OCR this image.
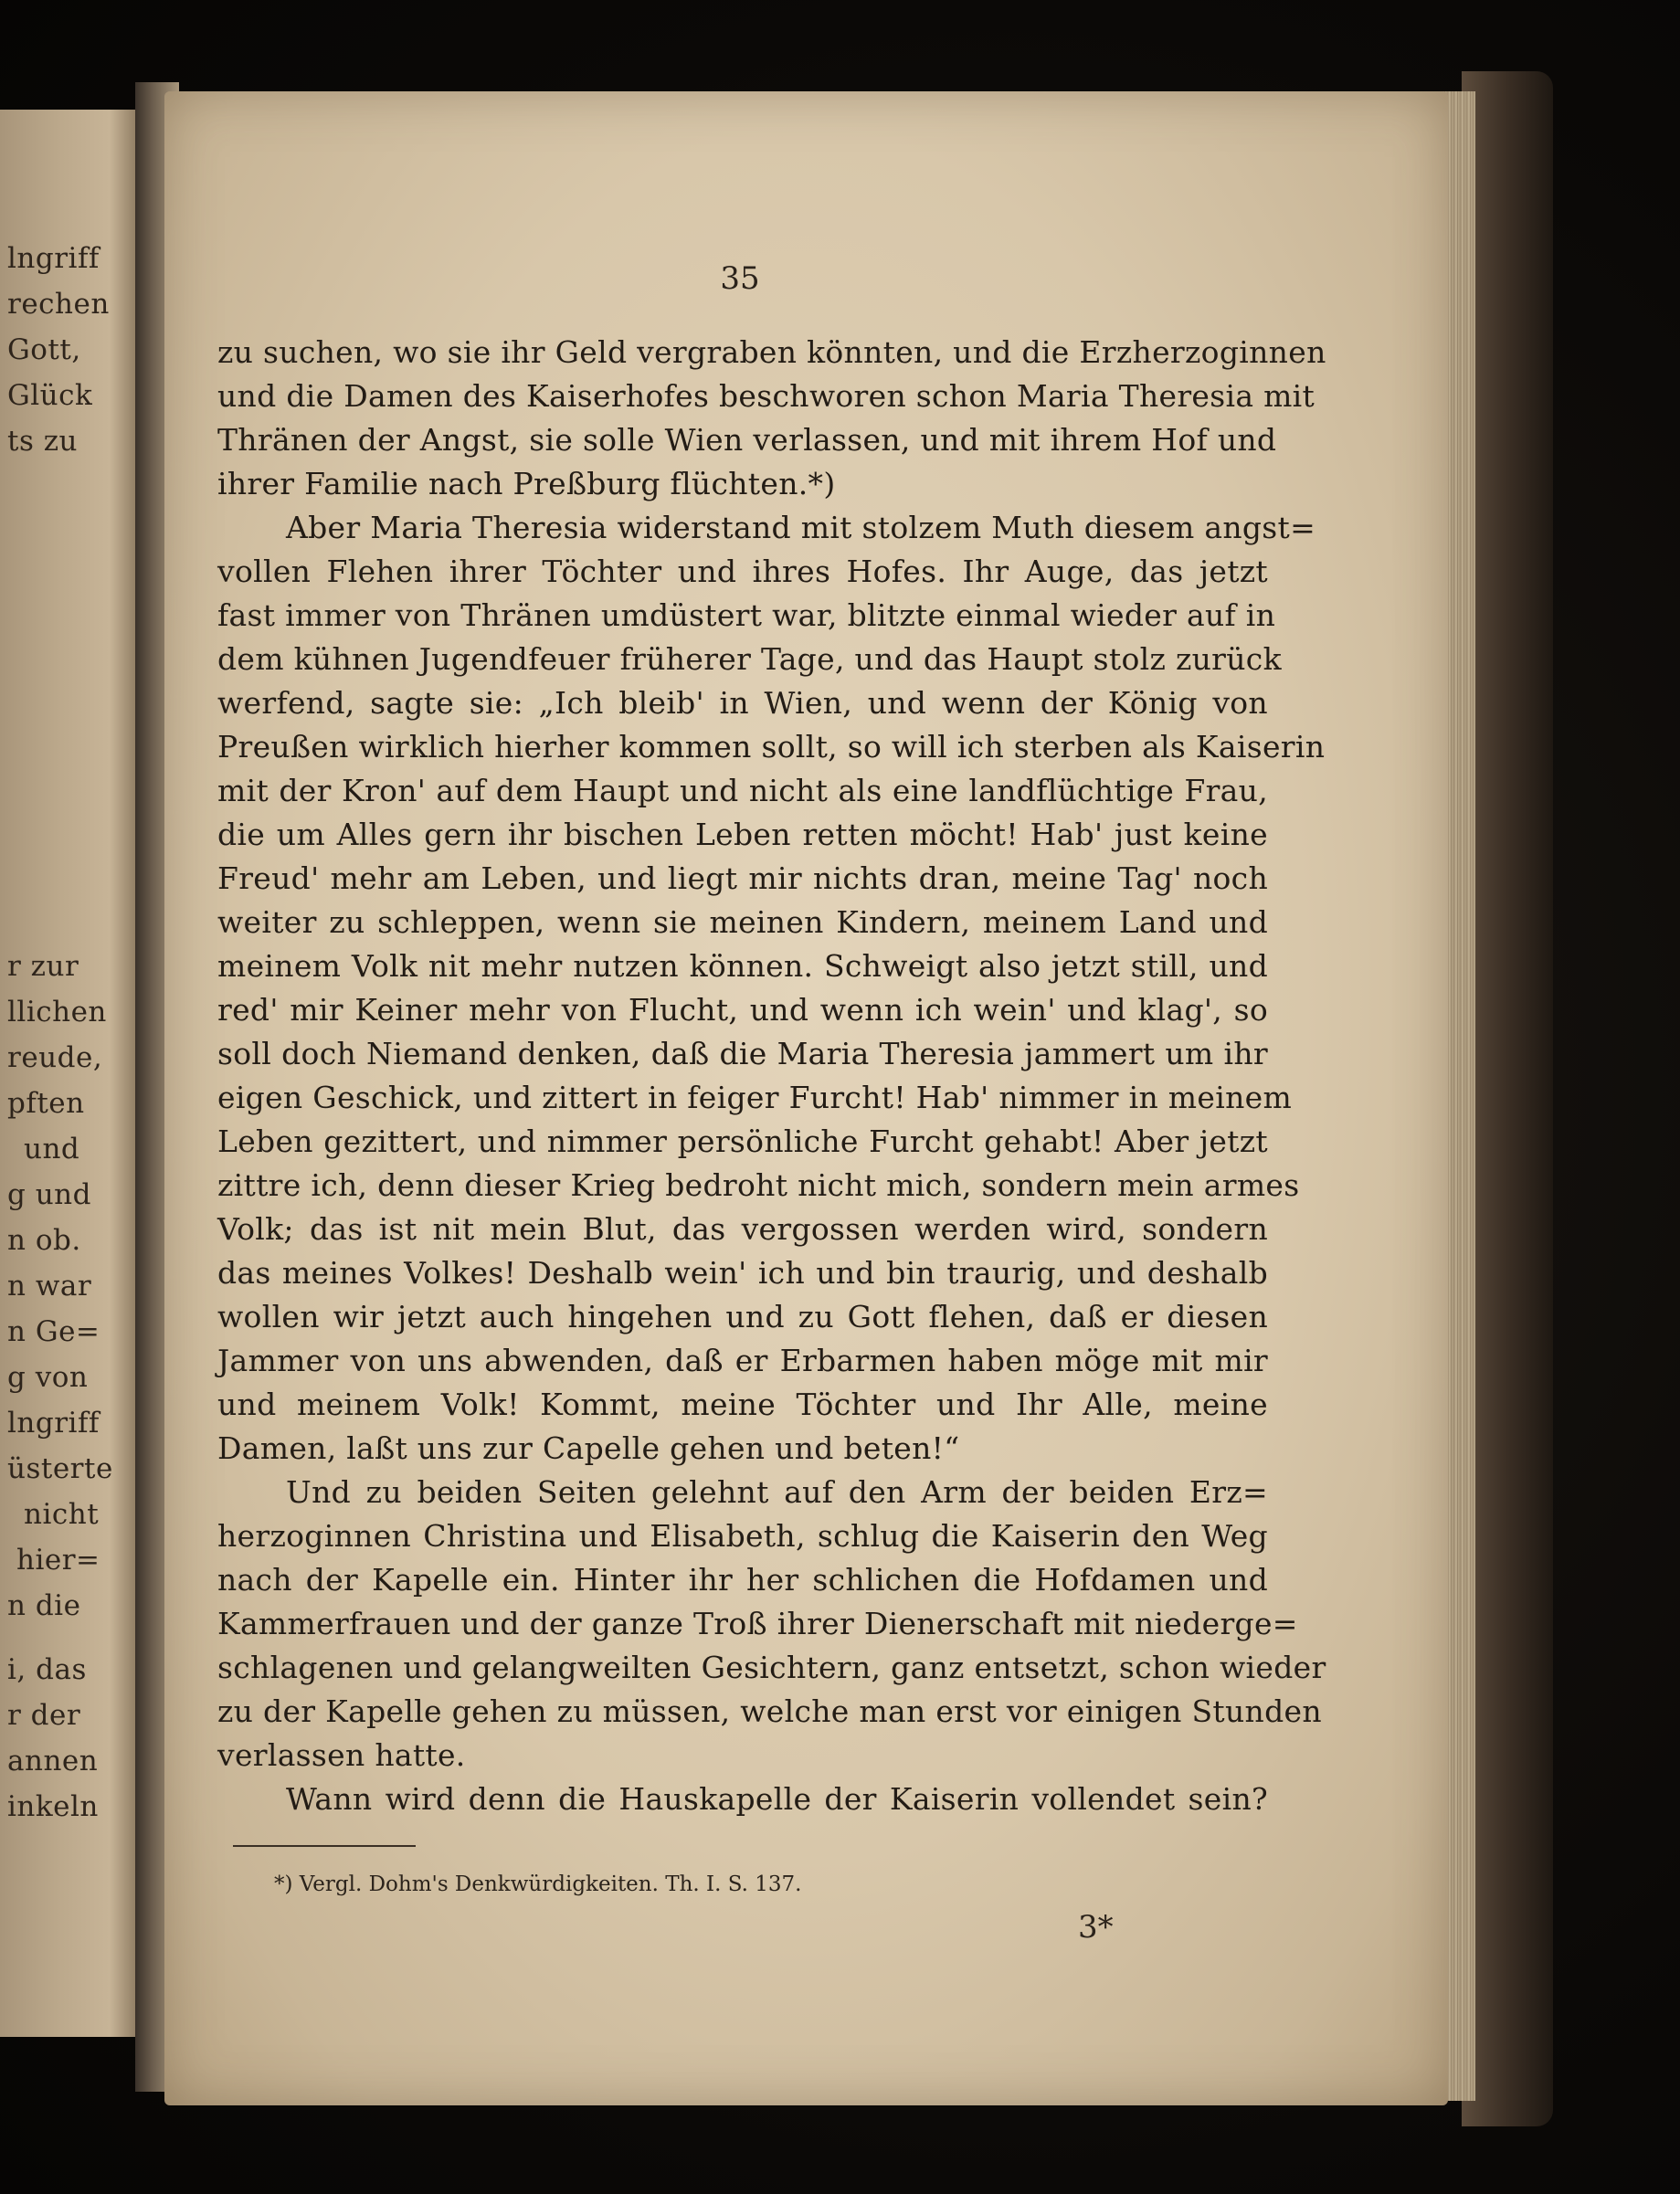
lngriff
rechen
Gott,
Glück
ts zu
r zur
llichen
reude,
pften
und
g und
n ob.
n war
n Ge=
g von
lngriff
üsterte
nicht
hier=
n die
i, das
r der
annen
inkeln
35
zu suchen, wo sie ihr Geld vergraben könnten, und die Erzherzoginnen
und die Damen des Kaiserhofes beschworen schon Maria Theresia mit
Thränen der Angst, sie solle Wien verlassen, und mit ihrem Hof und
ihrer Familie nach Preßburg flüchten.*)
Aber Maria Theresia widerstand mit stolzem Muth diesem angst=
vollen Flehen ihrer Töchter und ihres Hofes. Ihr Auge, das jetzt
fast immer von Thränen umdüstert war, blitzte einmal wieder auf in
dem kühnen Jugendfeuer früherer Tage, und das Haupt stolz zurück
werfend, sagte sie: „Ich bleib' in Wien, und wenn der König von
Preußen wirklich hierher kommen sollt, so will ich sterben als Kaiserin
mit der Kron' auf dem Haupt und nicht als eine landflüchtige Frau,
die um Alles gern ihr bischen Leben retten möcht! Hab' just keine
Freud' mehr am Leben, und liegt mir nichts dran, meine Tag' noch
weiter zu schleppen, wenn sie meinen Kindern, meinem Land und
meinem Volk nit mehr nutzen können. Schweigt also jetzt still, und
red' mir Keiner mehr von Flucht, und wenn ich wein' und klag', so
soll doch Niemand denken, daß die Maria Theresia jammert um ihr
eigen Geschick, und zittert in feiger Furcht! Hab' nimmer in meinem
Leben gezittert, und nimmer persönliche Furcht gehabt! Aber jetzt
zittre ich, denn dieser Krieg bedroht nicht mich, sondern mein armes
Volk; das ist nit mein Blut, das vergossen werden wird, sondern
das meines Volkes! Deshalb wein' ich und bin traurig, und deshalb
wollen wir jetzt auch hingehen und zu Gott flehen, daß er diesen
Jammer von uns abwenden, daß er Erbarmen haben möge mit mir
und meinem Volk! Kommt, meine Töchter und Ihr Alle, meine
Damen, laßt uns zur Capelle gehen und beten!“
Und zu beiden Seiten gelehnt auf den Arm der beiden Erz=
herzoginnen Christina und Elisabeth, schlug die Kaiserin den Weg
nach der Kapelle ein. Hinter ihr her schlichen die Hofdamen und
Kammerfrauen und der ganze Troß ihrer Dienerschaft mit niederge=
schlagenen und gelangweilten Gesichtern, ganz entsetzt, schon wieder
zu der Kapelle gehen zu müssen, welche man erst vor einigen Stunden
verlassen hatte.
Wann wird denn die Hauskapelle der Kaiserin vollendet sein?
*) Vergl. Dohm's Denkwürdigkeiten. Th. I. S. 137.
3*
